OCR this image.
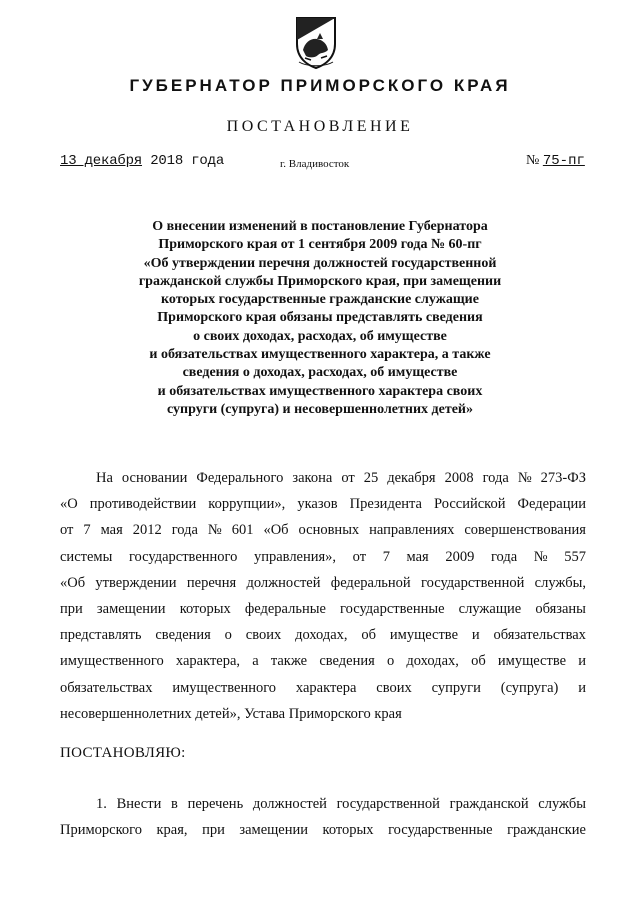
ГУБЕРНАТОР ПРИМОРСКОГО КРАЯ
ПОСТАНОВЛЕНИЕ
13 декабря 2018 года	г. Владивосток	№ 75-пг
О внесении изменений в постановление Губернатора
Приморского края от 1 сентября 2009 года № 60-пг
«Об утверждении перечня должностей государственной
гражданской службы Приморского края, при замещении
которых государственные гражданские служащие
Приморского края обязаны представлять сведения
о своих доходах, расходах, об имуществе
и обязательствах имущественного характера, а также
сведения о доходах, расходах, об имуществе
и обязательствах имущественного характера своих
супруги (супруга) и несовершеннолетних детей»
На основании Федерального закона от 25 декабря 2008 года № 273-ФЗ
«О противодействии коррупции», указов Президента Российской Федерации
от 7 мая 2012 года № 601 «Об основных направлениях совершенствования
системы государственного управления», от 7 мая 2009 года № 557
«Об утверждении перечня должностей федеральной государственной службы,
при замещении которых федеральные государственные служащие обязаны
представлять сведения о своих доходах, об имуществе и обязательствах
имущественного характера, а также сведения о доходах, об имуществе и
обязательствах имущественного характера своих супруги (супруга) и
несовершеннолетних детей», Устава Приморского края
ПОСТАНОВЛЯЮ:
1. Внести в перечень должностей государственной гражданской службы
Приморского края, при замещении которых государственные гражданские
